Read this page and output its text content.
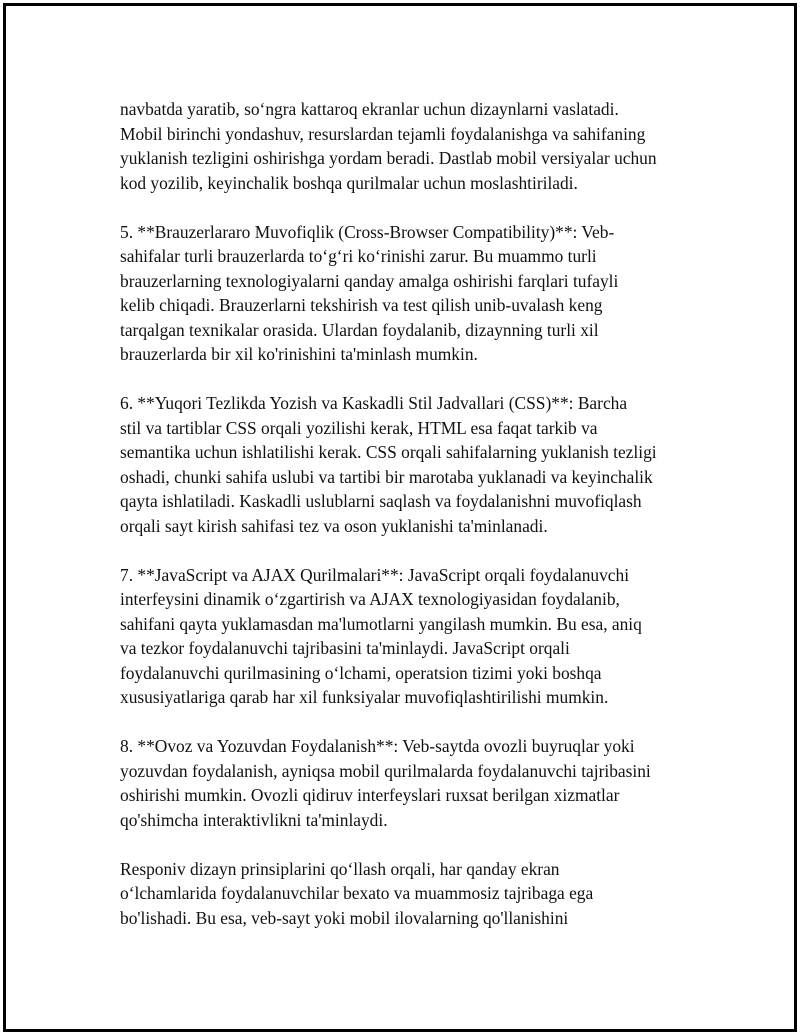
navbatda yaratib, so‘ngra kattaroq ekranlar uchun dizaynlarni vaslatadi.
Mobil birinchi yondashuv, resurslardan tejamli foydalanishga va sahifaning
yuklanish tezligini oshirishga yordam beradi. Dastlab mobil versiyalar uchun
kod yozilib, keyinchalik boshqa qurilmalar uchun moslashtiriladi.

5. **Brauzerlararo Muvofiqlik (Cross-Browser Compatibility)**: Veb-
sahifalar turli brauzerlarda to‘g‘ri ko‘rinishi zarur. Bu muammo turli
brauzerlarning texnologiyalarni qanday amalga oshirishi farqlari tufayli
kelib chiqadi. Brauzerlarni tekshirish va test qilish unib-uvalash keng
tarqalgan texnikalar orasida. Ulardan foydalanib, dizaynning turli xil
brauzerlarda bir xil ko'rinishini ta'minlash mumkin.

6. **Yuqori Tezlikda Yozish va Kaskadli Stil Jadvallari (CSS)**: Barcha
stil va tartiblar CSS orqali yozilishi kerak, HTML esa faqat tarkib va
semantika uchun ishlatilishi kerak. CSS orqali sahifalarning yuklanish tezligi
oshadi, chunki sahifa uslubi va tartibi bir marotaba yuklanadi va keyinchalik
qayta ishlatiladi. Kaskadli uslublarni saqlash va foydalanishni muvofiqlash
orqali sayt kirish sahifasi tez va oson yuklanishi ta'minlanadi.

7. **JavaScript va AJAX Qurilmalari**: JavaScript orqali foydalanuvchi
interfeysini dinamik o‘zgartirish va AJAX texnologiyasidan foydalanib,
sahifani qayta yuklamasdan ma'lumotlarni yangilash mumkin. Bu esa, aniq
va tezkor foydalanuvchi tajribasini ta'minlaydi. JavaScript orqali
foydalanuvchi qurilmasining o‘lchami, operatsion tizimi yoki boshqa
xususiyatlariga qarab har xil funksiyalar muvofiqlashtirilishi mumkin.

8. **Ovoz va Yozuvdan Foydalanish**: Veb-saytda ovozli buyruqlar yoki
yozuvdan foydalanish, ayniqsa mobil qurilmalarda foydalanuvchi tajribasini
oshirishi mumkin. Ovozli qidiruv interfeyslari ruxsat berilgan xizmatlar
qo'shimcha interaktivlikni ta'minlaydi.

Responiv dizayn prinsiplarini qo‘llash orqali, har qanday ekran
o‘lchamlarida foydalanuvchilar bexato va muammosiz tajribaga ega
bo'lishadi. Bu esa, veb-sayt yoki mobil ilovalarning qo'llanishini
